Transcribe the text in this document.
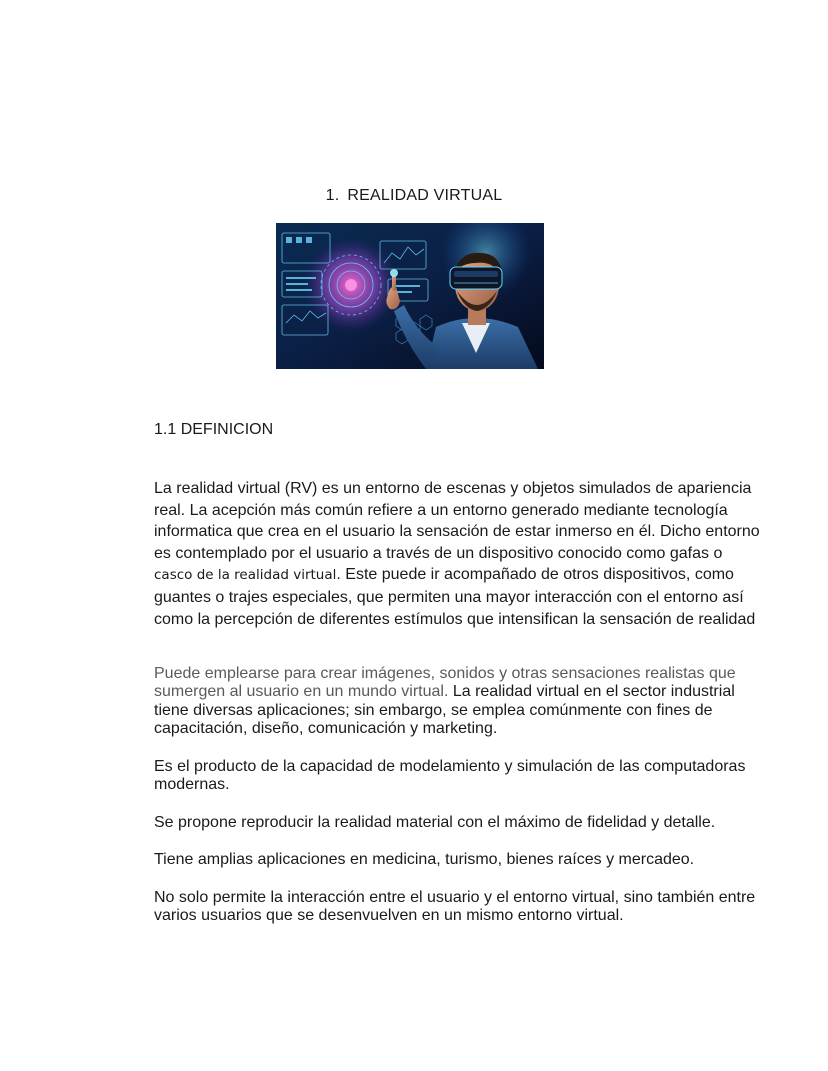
1. REALIDAD VIRTUAL
1.1 DEFINICION
La realidad virtual (RV) es un entorno de escenas y objetos simulados de apariencia real. La acepción más común refiere a un entorno generado mediante tecnología informatica que crea en el usuario la sensación de estar inmerso en él. Dicho entorno es contemplado por el usuario a través de un dispositivo conocido como gafas o casco de la realidad virtual. Este puede ir acompañado de otros dispositivos, como guantes o trajes especiales, que permiten una mayor interacción con el entorno así como la percepción de diferentes estímulos que intensifican la sensación de realidad
Puede emplearse para crear imágenes, sonidos y otras sensaciones realistas que sumergen al usuario en un mundo virtual. La realidad virtual en el sector industrial tiene diversas aplicaciones; sin embargo, se emplea comúnmente con fines de capacitación, diseño, comunicación y marketing.
Es el producto de la capacidad de modelamiento y simulación de las computadoras modernas.
Se propone reproducir la realidad material con el máximo de fidelidad y detalle.
Tiene amplias aplicaciones en medicina, turismo, bienes raíces y mercadeo.
No solo permite la interacción entre el usuario y el entorno virtual, sino también entre varios usuarios que se desenvuelven en un mismo entorno virtual.
